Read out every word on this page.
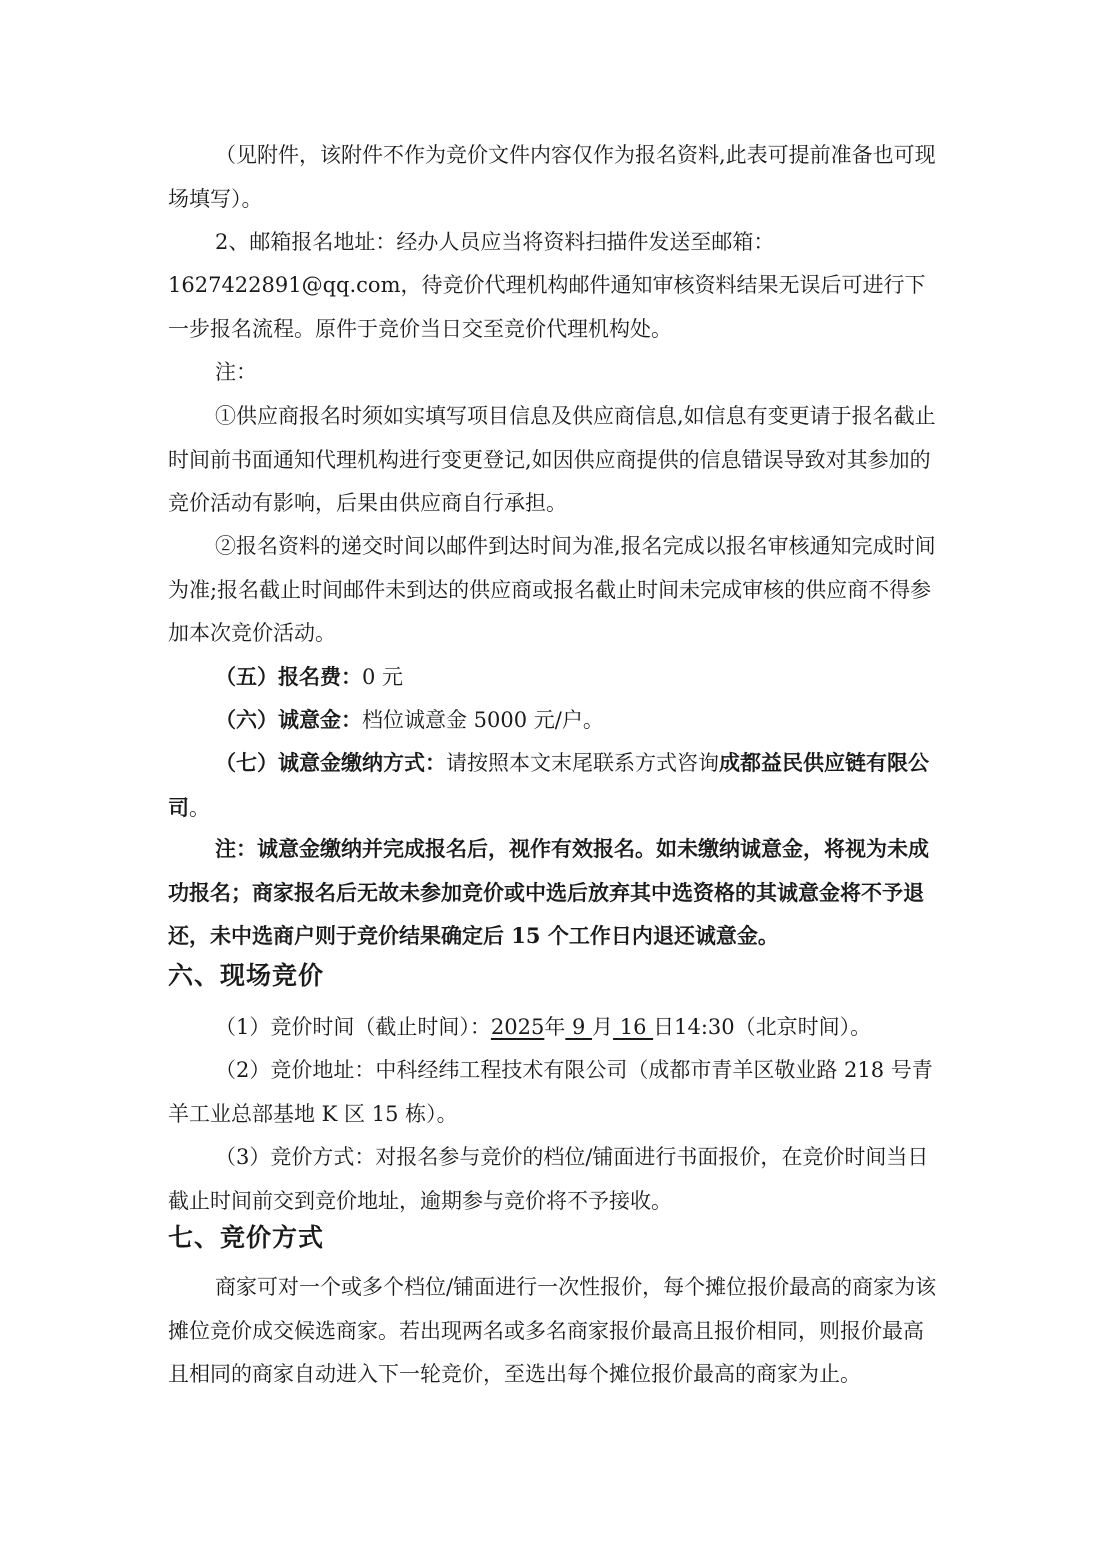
（见附件，该附件不作为竞价文件内容仅作为报名资料,此表可提前准备也可现场填写）。

2、邮箱报名地址：经办人员应当将资料扫描件发送至邮箱：

1627422891@qq.com，待竞价代理机构邮件通知审核资料结果无误后可进行下一步报名流程。原件于竞价当日交至竞价代理机构处。

注：

①供应商报名时须如实填写项目信息及供应商信息,如信息有变更请于报名截止时间前书面通知代理机构进行变更登记,如因供应商提供的信息错误导致对其参加的竞价活动有影响，后果由供应商自行承担。

②报名资料的递交时间以邮件到达时间为准,报名完成以报名审核通知完成时间为准;报名截止时间邮件未到达的供应商或报名截止时间未完成审核的供应商不得参加本次竞价活动。

（五）报名费：0 元

（六）诚意金：档位诚意金 5000 元/户。

（七）诚意金缴纳方式：请按照本文末尾联系方式咨询成都益民供应链有限公司。

注：诚意金缴纳并完成报名后，视作有效报名。如未缴纳诚意金，将视为未成功报名；商家报名后无故未参加竞价或中选后放弃其中选资格的其诚意金将不予退还，未中选商户则于竞价结果确定后 15 个工作日内退还诚意金。

六、现场竞价

（1）竞价时间（截止时间）：2025年 9 月 16 日14:30（北京时间）。

（2）竞价地址：中科经纬工程技术有限公司（成都市青羊区敬业路 218 号青羊工业总部基地 K 区 15 栋）。

（3）竞价方式：对报名参与竞价的档位/铺面进行书面报价，在竞价时间当日截止时间前交到竞价地址，逾期参与竞价将不予接收。

七、竞价方式

商家可对一个或多个档位/铺面进行一次性报价，每个摊位报价最高的商家为该摊位竞价成交候选商家。若出现两名或多名商家报价最高且报价相同，则报价最高且相同的商家自动进入下一轮竞价，至选出每个摊位报价最高的商家为止。
